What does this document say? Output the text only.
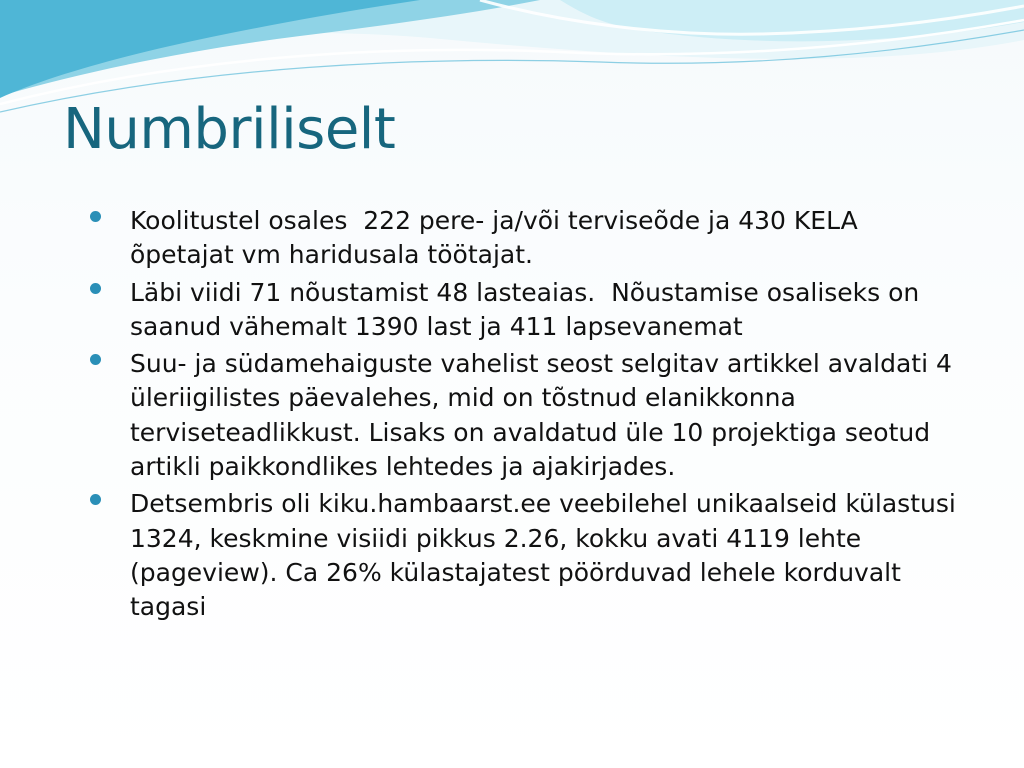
Numbriliselt
Koolitustel osales  222 pere- ja/või terviseõde ja 430 KELA õpetajat vm haridusala töötajat.
Läbi viidi 71 nõustamist 48 lasteaias.  Nõustamise osaliseks on saanud vähemalt 1390 last ja 411 lapsevanemat
Suu- ja südamehaiguste vahelist seost selgitav artikkel avaldati 4 üleriigilistes päevalehes, mid on tõstnud elanikkonna terviseteadlikkust. Lisaks on avaldatud üle 10 projektiga seotud artikli paikkondlikes lehtedes ja ajakirjades.
Detsembris oli kiku.hambaarst.ee veebilehel unikaalseid külastusi 1324, keskmine visiidi pikkus 2.26, kokku avati 4119 lehte (pageview). Ca 26% külastajatest pöörduvad lehele korduvalt tagasi
